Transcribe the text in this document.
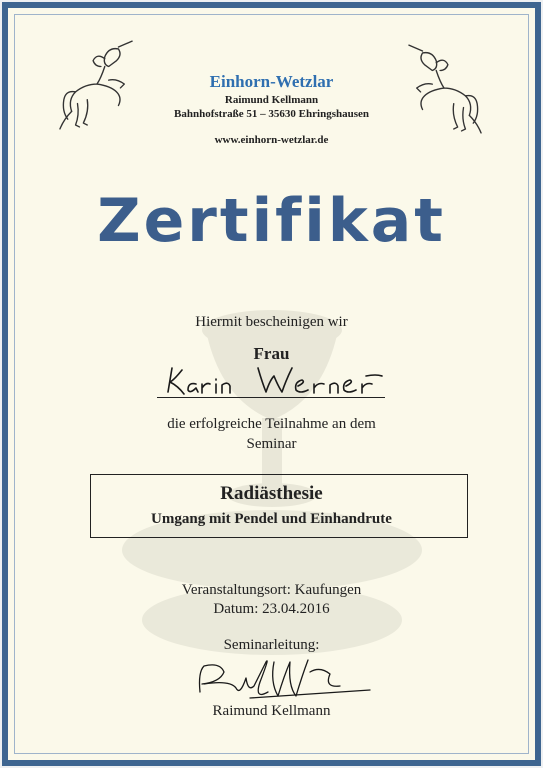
Einhorn-Wetzlar
Raimund Kellmann
Bahnhofstraße 51 – 35630 Ehringshausen
www.einhorn-wetzlar.de
Zertifikat
Hiermit bescheinigen wir
Frau
die erfolgreiche Teilnahme an dem
Seminar
Radiästhesie
Umgang mit Pendel und Einhandrute
Veranstaltungsort: Kaufungen
Datum: 23.04.2016
Seminarleitung:
Raimund Kellmann
